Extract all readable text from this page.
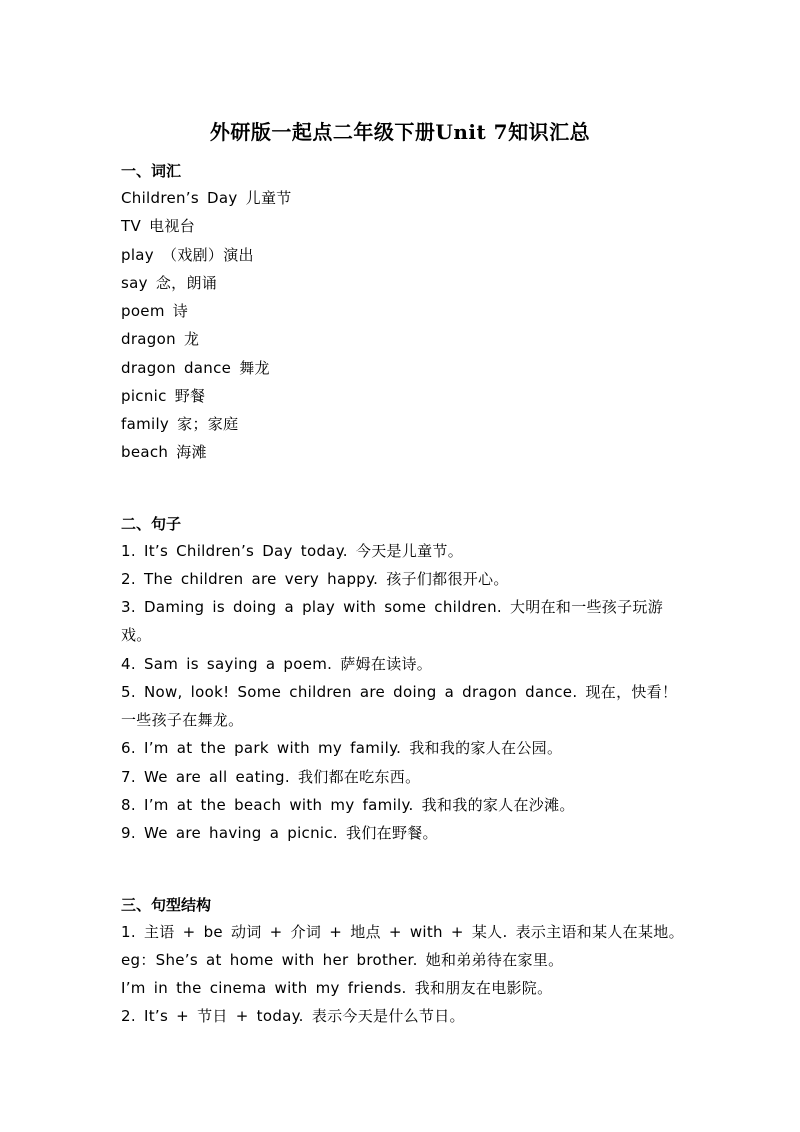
外研版一起点二年级下册Unit 7知识汇总
一、词汇
Children’s Day 儿童节
TV 电视台
play （戏剧）演出
say 念，朗诵
poem 诗
dragon 龙
dragon dance 舞龙
picnic 野餐
family 家；家庭
beach 海滩
二、句子
1. It’s Children’s Day today. 今天是儿童节。
2. The children are very happy. 孩子们都很开心。
3. Daming is doing a play with some children. 大明在和一些孩子玩游
戏。
4. Sam is saying a poem. 萨姆在读诗。
5. Now, look! Some children are doing a dragon dance. 现在，快看！
一些孩子在舞龙。
6. I’m at the park with my family. 我和我的家人在公园。
7. We are all eating. 我们都在吃东西。
8. I’m at the beach with my family. 我和我的家人在沙滩。
9. We are having a picnic. 我们在野餐。
三、句型结构
1. 主语 + be 动词 + 介词 + 地点 + with + 某人. 表示主语和某人在某地。
eg：She’s at home with her brother. 她和弟弟待在家里。
I’m in the cinema with my friends. 我和朋友在电影院。
2. It’s + 节日 + today. 表示今天是什么节日。
